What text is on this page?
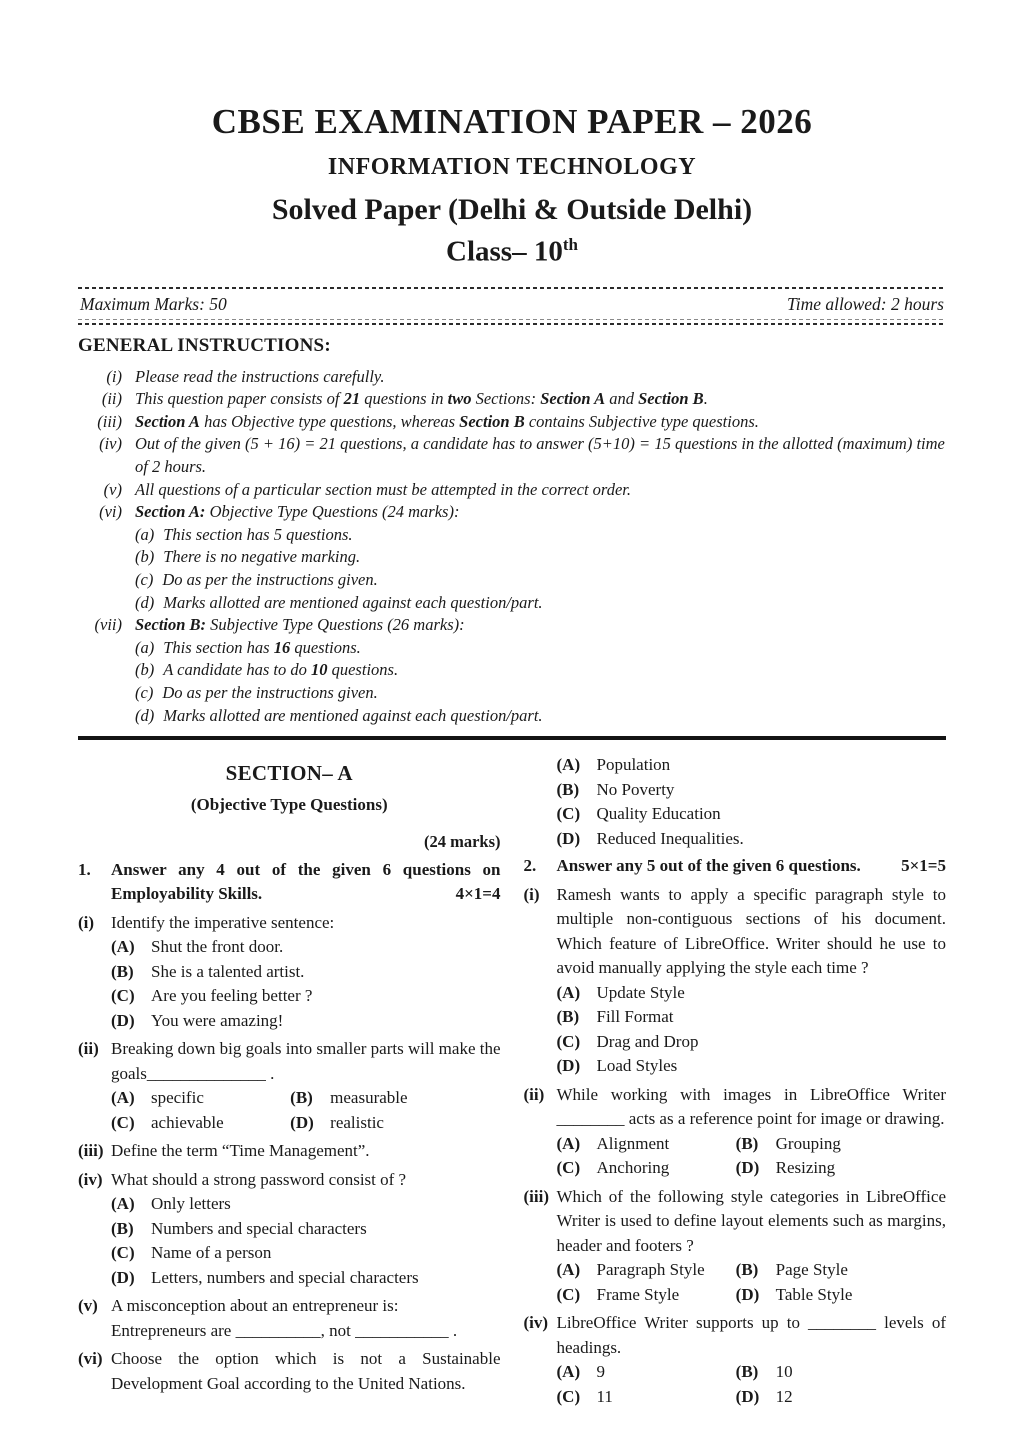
CBSE EXAMINATION PAPER – 2026
INFORMATION TECHNOLOGY
Solved Paper (Delhi & Outside Delhi)
Class– 10th
Maximum Marks: 50	Time allowed: 2 hours
GENERAL INSTRUCTIONS:
(i) Please read the instructions carefully.
(ii) This question paper consists of 21 questions in two Sections: Section A and Section B.
(iii) Section A has Objective type questions, whereas Section B contains Subjective type questions.
(iv) Out of the given (5 + 16) = 21 questions, a candidate has to answer (5+10) = 15 questions in the allotted (maximum) time of 2 hours.
(v) All questions of a particular section must be attempted in the correct order.
(vi) Section A: Objective Type Questions (24 marks):
(a) This section has 5 questions.
(b) There is no negative marking.
(c) Do as per the instructions given.
(d) Marks allotted are mentioned against each question/part.
(vii) Section B: Subjective Type Questions (26 marks):
(a) This section has 16 questions.
(b) A candidate has to do 10 questions.
(c) Do as per the instructions given.
(d) Marks allotted are mentioned against each question/part.
SECTION– A
(Objective Type Questions)
(24 marks)
1.	Answer any 4 out of the given 6 questions on Employability Skills.	4×1=4
(i) Identify the imperative sentence:
(A) Shut the front door.
(B)	She is a talented artist.
(C) Are you feeling better ?
(D) You were amazing!
(ii) Breaking down big goals into smaller parts will make the goals______________ .
(A) specific	(B)	measurable
(C) achievable	(D) realistic
(iii) Define the term “Time Management”.
(iv) What should a strong password consist of ?
(A) Only letters
(B)	Numbers and special characters
(C) Name of a person
(D) Letters, numbers and special characters
(v) A misconception about an entrepreneur is:
Entrepreneurs are __________, not ___________ .
(vi) Choose the option which is not a Sustainable Development Goal according to the United Nations.
(A) Population
(B)	No Poverty
(C) Quality Education
(D) Reduced Inequalities.
2.	Answer any 5 out of the given 6 questions. 5×1=5
(i) Ramesh wants to apply a specific paragraph style to multiple non-contiguous sections of his document. Which feature of LibreOffice. Writer should he use to avoid manually applying the style each time ?
(A) Update Style
(B)	Fill Format
(C) Drag and Drop
(D) Load Styles
(ii) While working with images in LibreOffice Writer ________ acts as a reference point for image or drawing.
(A) Alignment	(B)	Grouping
(C) Anchoring	(D) Resizing
(iii) Which of the following style categories in LibreOffice Writer is used to define layout elements such as margins, header and footers ?
(A) Paragraph Style	(B)	Page Style
(C) Frame Style	(D) Table Style
(iv) LibreOffice Writer supports up to ________ levels of headings.
(A) 9	(B)	10
(C) 11	(D) 12
